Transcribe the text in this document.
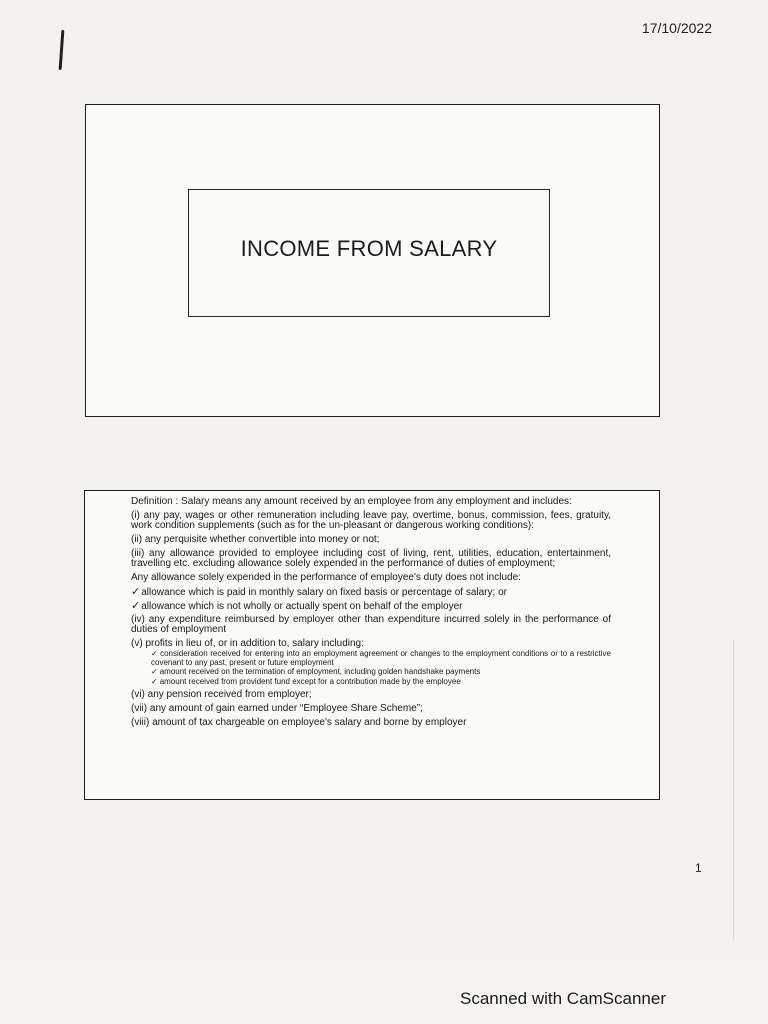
17/10/2022
INCOME FROM SALARY

Definition : Salary means any amount received by an employee from any employment and includes:

(i) any pay, wages or other remuneration including leave pay, overtime, bonus, commission, fees, gratuity, work condition supplements (such as for the un-pleasant or dangerous working conditions):

(ii) any perquisite whether convertible into money or not;

(iii) any allowance provided to employee including cost of living, rent, utilities, education, entertainment, travelling etc. excluding allowance solely expended in the performance of duties of employment;

Any allowance solely expended in the performance of employee's duty does not include:

✓allowance which is paid in monthly salary on fixed basis or percentage of salary; or

✓allowance which is not wholly or actually spent on behalf of the employer

(iv) any expenditure reimbursed by employer other than expenditure incurred solely in the performance of duties of employment

(v) profits in lieu of, or in addition to, salary including:

✓ consideration received for entering into an employment agreement or changes to the employment conditions or to a restrictive covenant to any past, present or future employment

✓ amount received on the termination of employment, including golden handshake payments

✓ amount received from provident fund except for a contribution made by the employee

(vi) any pension received from employer;

(vii) any amount of gain earned under “Employee Share Scheme”;

(viii) amount of tax chargeable on employee's salary and borne by employer

1
Scanned with CamScanner
